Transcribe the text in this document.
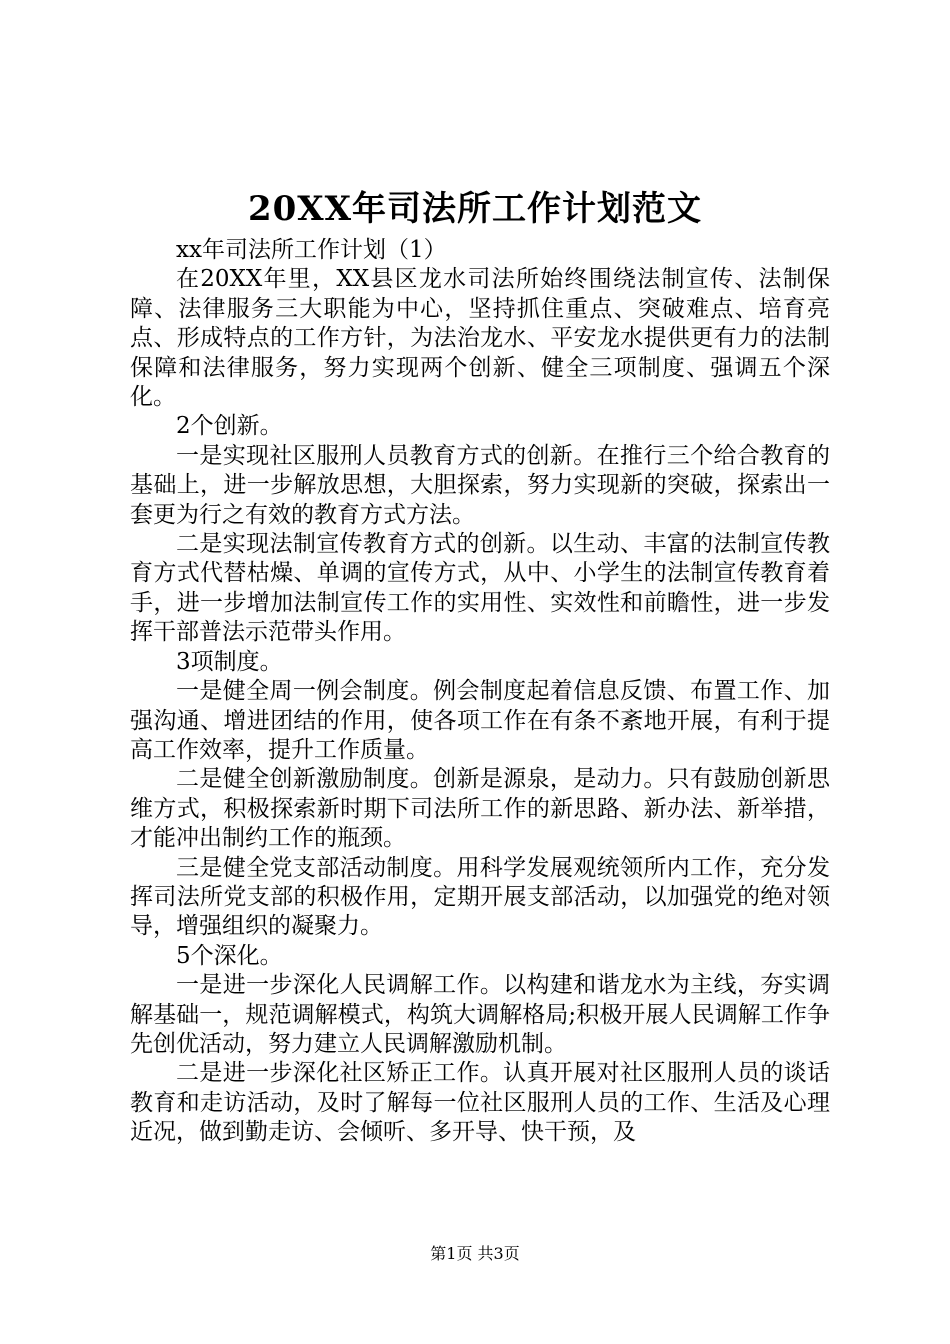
20XX年司法所工作计划范文

xx年司法所工作计划（1）

在20XX年里，XX县区龙水司法所始终围绕法制宣传、法制保障、法律服务三大职能为中心，坚持抓住重点、突破难点、培育亮点、形成特点的工作方针，为法治龙水、平安龙水提供更有力的法制保障和法律服务，努力实现两个创新、健全三项制度、强调五个深化。

2个创新。

一是实现社区服刑人员教育方式的创新。在推行三个给合教育的基础上，进一步解放思想，大胆探索，努力实现新的突破，探索出一套更为行之有效的教育方式方法。

二是实现法制宣传教育方式的创新。以生动、丰富的法制宣传教育方式代替枯燥、单调的宣传方式，从中、小学生的法制宣传教育着手，进一步增加法制宣传工作的实用性、实效性和前瞻性，进一步发挥干部普法示范带头作用。

3项制度。

一是健全周一例会制度。例会制度起着信息反馈、布置工作、加强沟通、增进团结的作用，使各项工作在有条不紊地开展，有利于提高工作效率，提升工作质量。

二是健全创新激励制度。创新是源泉，是动力。只有鼓励创新思维方式，积极探索新时期下司法所工作的新思路、新办法、新举措，才能冲出制约工作的瓶颈。

三是健全党支部活动制度。用科学发展观统领所内工作，充分发挥司法所党支部的积极作用，定期开展支部活动，以加强党的绝对领导，增强组织的凝聚力。

5个深化。

一是进一步深化人民调解工作。以构建和谐龙水为主线，夯实调解基础一，规范调解模式，构筑大调解格局;积极开展人民调解工作争先创优活动，努力建立人民调解激励机制。

二是进一步深化社区矫正工作。认真开展对社区服刑人员的谈话教育和走访活动，及时了解每一位社区服刑人员的工作、生活及心理近况，做到勤走访、会倾听、多开导、快干预，及

第1页 共3页
